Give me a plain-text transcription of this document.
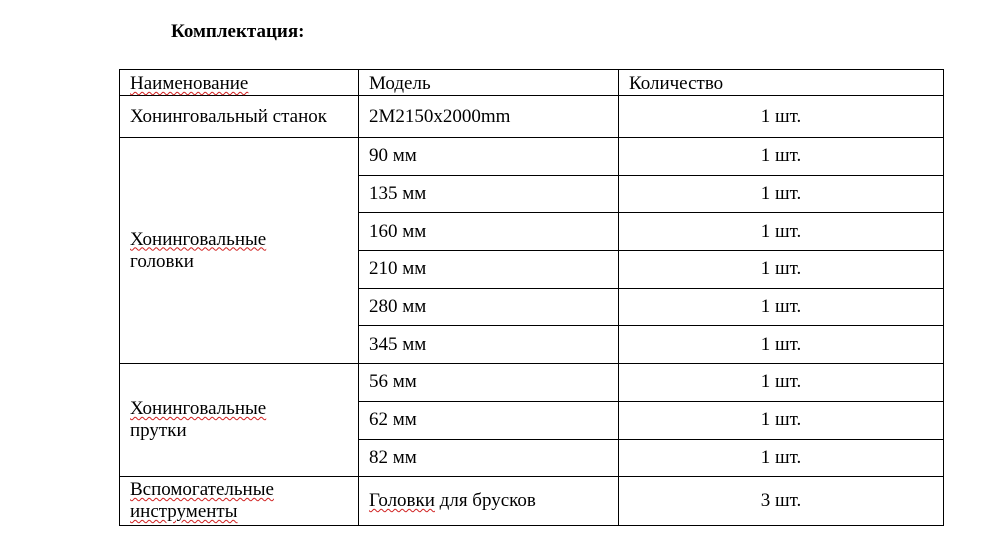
Комплектация:
Наименование	Модель	Количество
Хонинговальный станок	2M2150x2000mm	1 шт.
Хонинговальные
головки	90 мм	1 шт.
	135 мм	1 шт.
	160 мм	1 шт.
	210 мм	1 шт.
	280 мм	1 шт.
	345 мм	1 шт.
Хонинговальные
прутки	56 мм	1 шт.
	62 мм	1 шт.
	82 мм	1 шт.
Вспомогательные
инструменты	Головки для брусков	3 шт.
